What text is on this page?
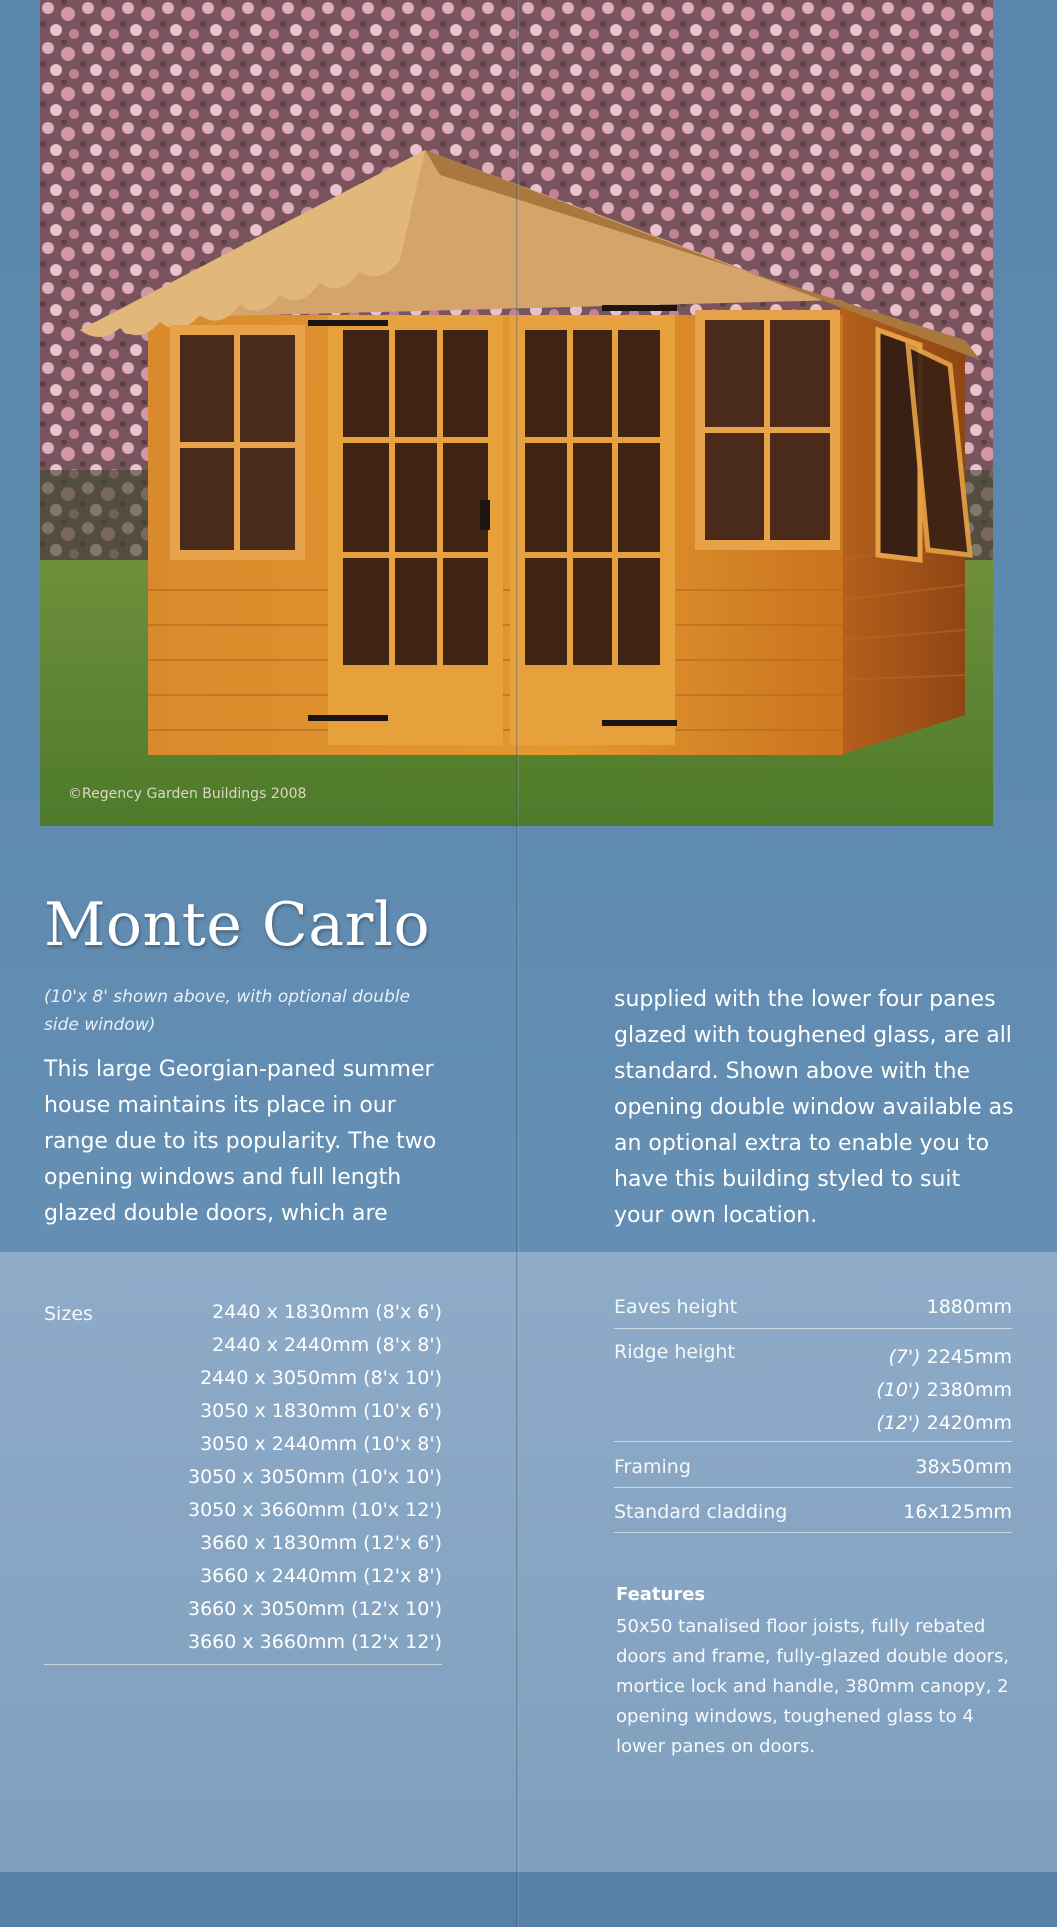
©Regency Garden Buildings 2008
Monte Carlo
(10'x 8' shown above, with optional double side window)
This large Georgian-paned summer house maintains its place in our range due to its popularity. The two opening windows and full length glazed double doors, which are
supplied with the lower four panes glazed with toughened glass, are all standard. Shown above with the opening double window available as an optional extra to enable you to have this building styled to suit your own location.
Sizes	2440 x 1830mm (8'x 6')
2440 x 2440mm (8'x 8')
2440 x 3050mm (8'x 10')
3050 x 1830mm (10'x 6')
3050 x 2440mm (10'x 8')
3050 x 3050mm (10'x 10')
3050 x 3660mm (10'x 12')
3660 x 1830mm (12'x 6')
3660 x 2440mm (12'x 8')
3660 x 3050mm (12'x 10')
3660 x 3660mm (12'x 12')
Eaves height	1880mm
Ridge height	(7') 2245mm
(10') 2380mm
(12') 2420mm
Framing	38x50mm
Standard cladding	16x125mm
Features
50x50 tanalised floor joists, fully rebated doors and frame, fully-glazed double doors, mortice lock and handle, 380mm canopy, 2 opening windows, toughened glass to 4 lower panes on doors.
